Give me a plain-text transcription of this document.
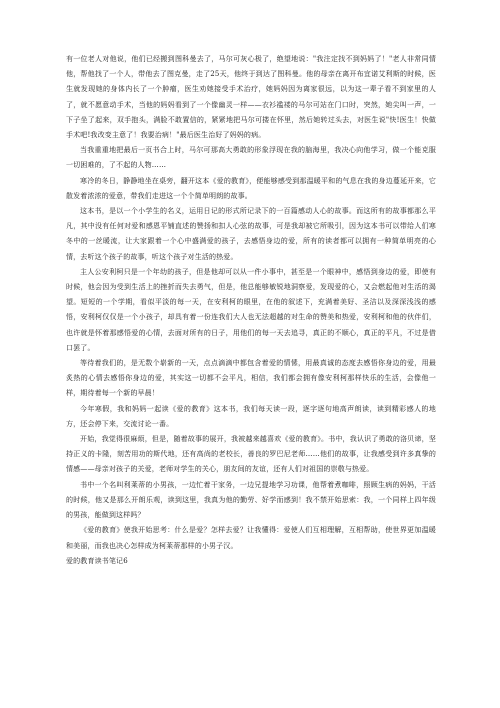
有一位老人对他说，他们已经搬到图科曼去了，马尔可灰心极了，绝望地说："我注定找不到妈妈了！"老人非常同情他，帮他找了一个人，带他去了图克曼，走了25天，他终于到达了图科曼。他的母亲在离开布宜诺艾利斯的时候，医生就发现她的身体内长了一个肿瘤，医生劝她接受手术治疗，她妈妈因为离家很远，以为这一辈子看不到家里的人了，就不愿意动手术，当他的妈妈看到了一个像幽灵一样——衣衫褴褛的马尔可站在门口时，突然，她尖叫一声，一下子坐了起来，双手抱头，满脸不敢置信的，紧紧地把马尔可搂在怀里，然后她转过头去，对医生说"快!医生！快做手术吧!我改变主意了！我要治病！"最后医生治好了妈妈的病。

当我重重地把最后一页书合上时，马尔可那高大勇敢的形象浮现在我的脑海里，我决心向他学习，做一个能克服一切困难的，了不起的人物……

寒冷的冬日，静静地坐在桌旁，翻开这本《爱的教育》，便能够感受到那温暖平和的气息在我的身边蔓延开来，它散发着浓浓的爱意，带我们走进这一个个简单明朗的故事。

这本书，是以一个小学生的名义，运用日记的形式所记录下的一百篇感动人心的故事。而这所有的故事都那么平凡，其中没有任何对爱和感恩平铺直述的赞扬和扣人心弦的故事，可是我却被它所吸引，因为这本书可以带给人们寒冬中的一丝暖流，让大家跟着一个心中盛满爱的孩子，去感悟身边的爱，所有的读者都可以拥有一种简单明亮的心情，去听这个孩子的故事，听这个孩子对生活的热爱。

主人公安利柯只是一个年幼的孩子，但是他却可以从一件小事中，甚至是一个眼神中，感悟到身边的爱，即使有时候，他会因为受到生活上的挫折而失去勇气，但是，他总能够敏锐地洞察爱，发现爱的心，又会燃起他对生活的渴望。短短的一个学期，看似平淡的每一天，在安利柯的眼里，在他的叙述下，充满着美好、圣洁以及深深浅浅的感悟，安利柯仅仅是一个小孩子，却具有着一份连我们大人也无法超越的对生命的赞美和热爱，安利柯和他的伙伴们，也许就是怀着那感悟爱的心情，去面对所有的日子，用他们的每一天去追寻，真正的不顺心，真正的平凡，不过是借口罢了。

等待着我们的，是无数个崭新的一天，点点滴滴中都包含着爱的情愫，用最真诚的态度去感悟你身边的爱，用最炙热的心情去感悟你身边的爱，其实这一切都不会平凡，相信，我们都会拥有像安利柯那样快乐的生活，会像他一样，期待着每一个新的早晨！

今年寒假，我和妈妈一起读《爱的教育》这本书，我们每天读一段，逐字逐句地高声朗读，读到精彩感人的地方，还会停下来，交流讨论一番。

开始，我觉得很麻烦，但是，随着故事的展开，我被越来越喜欢《爱的教育》。书中，我认识了勇敢的洛贝谛，坚持正义的卡隆，刻苦用功的斯代地，还有高尚的老校长，善良的罗巴尼老师……他们的故事，让我感受到许多真挚的情感——母亲对孩子的关爱，老师对学生的关心，朋友间的友谊，还有人们对祖国的崇敬与热爱。

书中一个名叫利莱蒂的小男孩，一边忙着干家务，一边兄提地学习功课，他帮着煮咖啡，照顾生病的妈妈，干活的时候，他又是那么开朗乐观，读到这里，我真为他的勤劳、好学而感到！我不禁开始思索：我，一个同样上四年级的男孩，能做到这样吗？

《爱的教育》使我开始思考：什么是爱？怎样去爱？让我懂得：爱使人们互相理解，互相帮助，使世界更加温暖和美丽，而我也决心怎样成为柯莱蒂那样的小男子汉。

爱的教育读书笔记6
